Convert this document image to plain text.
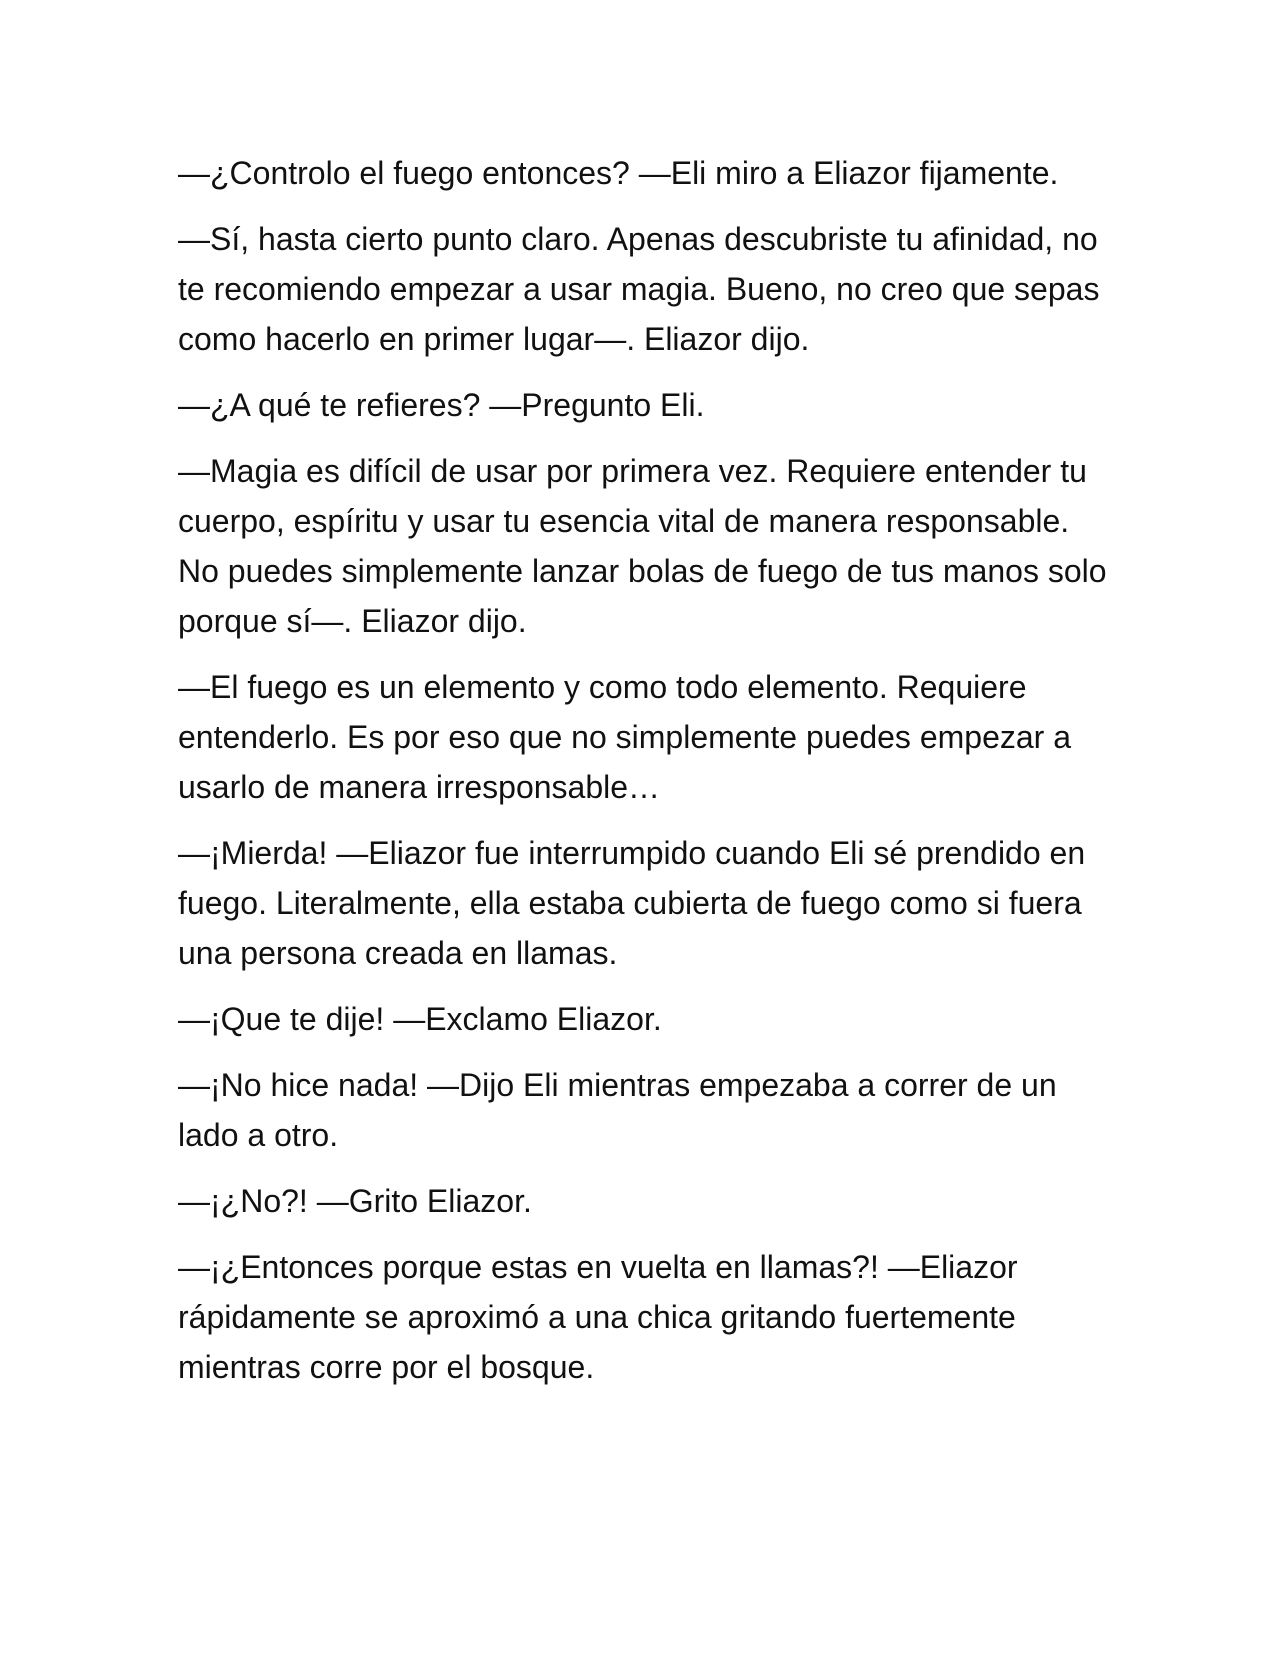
—¿Controlo el fuego entonces? —Eli miro a Eliazor fijamente.

—Sí, hasta cierto punto claro. Apenas descubriste tu afinidad, no te recomiendo empezar a usar magia. Bueno, no creo que sepas como hacerlo en primer lugar—. Eliazor dijo.

—¿A qué te refieres? —Pregunto Eli.

—Magia es difícil de usar por primera vez. Requiere entender tu cuerpo, espíritu y usar tu esencia vital de manera responsable. No puedes simplemente lanzar bolas de fuego de tus manos solo porque sí—. Eliazor dijo.

—El fuego es un elemento y como todo elemento. Requiere entenderlo. Es por eso que no simplemente puedes empezar a usarlo de manera irresponsable…

—¡Mierda! —Eliazor fue interrumpido cuando Eli sé prendido en fuego. Literalmente, ella estaba cubierta de fuego como si fuera una persona creada en llamas.

—¡Que te dije! —Exclamo Eliazor.

—¡No hice nada! —Dijo Eli mientras empezaba a correr de un lado a otro.

—¡¿No?! —Grito Eliazor.

—¡¿Entonces porque estas en vuelta en llamas?! —Eliazor rápidamente se aproximó a una chica gritando fuertemente mientras corre por el bosque.
